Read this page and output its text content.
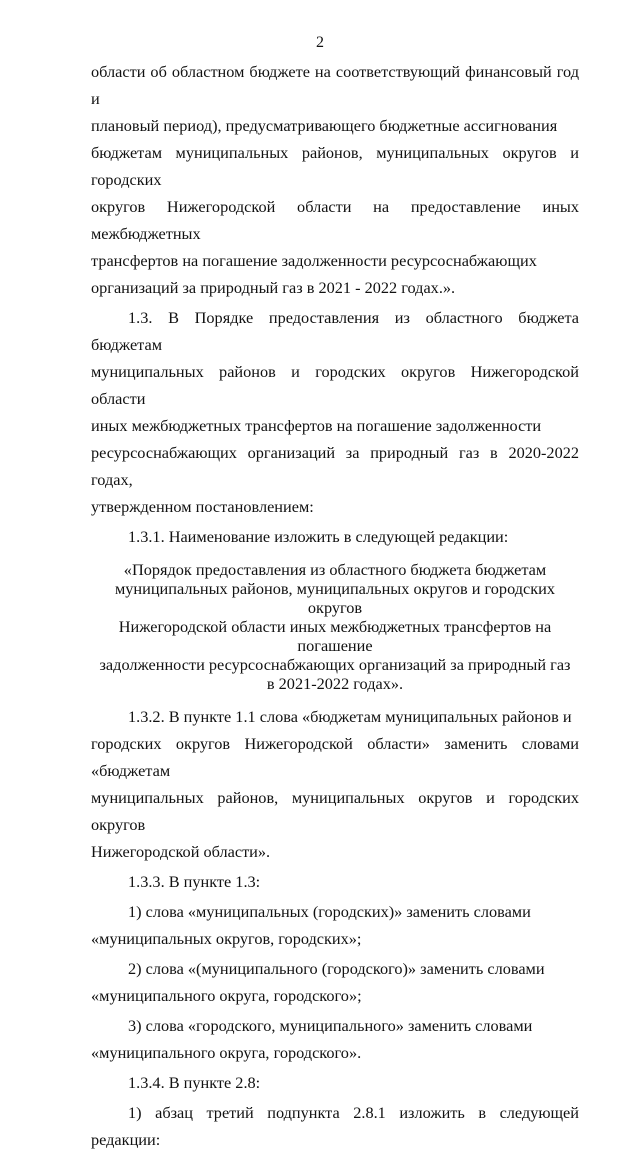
2

области об областном бюджете на соответствующий финансовый год и
плановый период), предусматривающего бюджетные ассигнования
бюджетам муниципальных районов, муниципальных округов и городских
округов Нижегородской области на предоставление иных межбюджетных
трансфертов на погашение задолженности ресурсоснабжающих
организаций за природный газ в 2021 - 2022 годах.».

1.3. В Порядке предоставления из областного бюджета бюджетам
муниципальных районов и городских округов Нижегородской области
иных межбюджетных трансфертов на погашение задолженности
ресурсоснабжающих организаций за природный газ в 2020-2022 годах,
утвержденном постановлением:

1.3.1. Наименование изложить в следующей редакции:

«Порядок предоставления из областного бюджета бюджетам
муниципальных районов, муниципальных округов и городских округов
Нижегородской области иных межбюджетных трансфертов на погашение
задолженности ресурсоснабжающих организаций за природный газ
в 2021-2022 годах».

1.3.2. В пункте 1.1 слова «бюджетам муниципальных районов и
городских округов Нижегородской области» заменить словами «бюджетам
муниципальных районов, муниципальных округов и городских округов
Нижегородской области».

1.3.3. В пункте 1.3:

1) слова «муниципальных (городских)» заменить словами
«муниципальных округов, городских»;

2) слова «(муниципального (городского)» заменить словами
«муниципального округа, городского»;

3) слова «городского, муниципального» заменить словами
«муниципального округа, городского».

1.3.4. В пункте 2.8:

1) абзац третий подпункта 2.8.1 изложить в следующей редакции:
